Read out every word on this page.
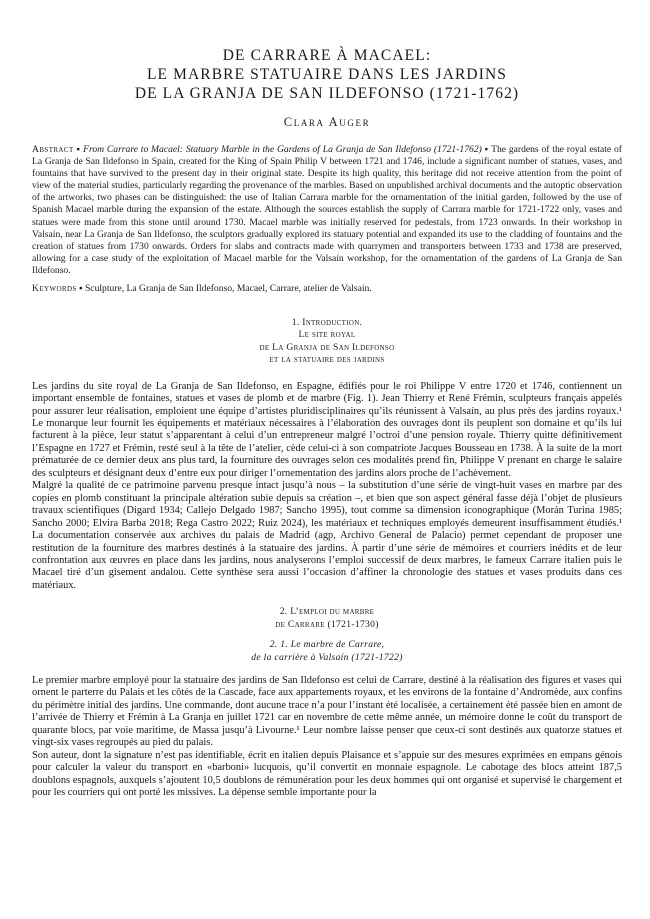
DE CARRARE À MACAEL:
LE MARBRE STATUAIRE DANS LES JARDINS
DE LA GRANJA DE SAN ILDEFONSO (1721-1762)
Clara Auger
Abstract ▪ From Carrare to Macael: Statuary Marble in the Gardens of La Granja de San Ildefonso (1721-1762) ▪ The gardens of the royal estate of La Granja de San Ildefonso in Spain, created for the King of Spain Philip V between 1721 and 1746, include a significant number of statues, vases, and fountains that have survived to the present day in their original state. Despite its high quality, this heritage did not receive attention from the point of view of the material studies, particularly regarding the provenance of the marbles. Based on unpublished archival documents and the autoptic observation of the artworks, two phases can be distinguished: the use of Italian Carrara marble for the ornamentation of the initial garden, followed by the use of Spanish Macael marble during the expansion of the estate. Although the sources establish the supply of Carrara marble for 1721-1722 only, vases and statues were made from this stone until around 1730. Macael marble was initially reserved for pedestals, from 1723 onwards. In their workshop in Valsaín, near La Granja de San Ildefonso, the sculptors gradually explored its statuary potential and expanded its use to the cladding of fountains and the creation of statues from 1730 onwards. Orders for slabs and contracts made with quarrymen and transporters between 1733 and 1738 are preserved, allowing for a case study of the exploitation of Macael marble for the Valsaín workshop, for the ornamentation of the gardens of La Granja de San Ildefonso.
Keywords ▪ Sculpture, La Granja de San Ildefonso, Macael, Carrare, atelier de Valsaín.
1. Introduction.
Le site royal
de La Granja de San Ildefonso
et la statuaire des jardins

Les jardins du site royal de La Granja de San Ildefonso, en Espagne, édifiés pour le roi Philippe V entre 1720 et 1746, contiennent un important ensemble de fontaines, statues et vases de plomb et de marbre (Fig. 1). Jean Thierry et René Frémin, sculpteurs français appelés pour assurer leur réalisation, emploient une équipe d’artistes pluridisciplinaires qu’ils réunissent à Valsaín, au plus près des jardins royaux.¹ Le monarque leur fournit les équipements et matériaux nécessaires à l’élaboration des ouvrages dont ils peuplent son domaine et qu’ils lui facturent à la pièce, leur statut s’apparentant à celui d’un entrepreneur malgré l’octroi d’une pension royale. Thierry quitte définitivement l’Espagne en 1727 et Frémin, resté seul à la tête de l’atelier, cède celui-ci à son compatriote Jacques Bousseau en 1738. À la suite de la mort prématurée de ce dernier deux ans plus tard, la fourniture des ouvrages selon ces modalités prend fin, Philippe V prenant en charge le salaire des sculpteurs et désignant deux d’entre eux pour diriger l’ornementation des jardins alors proche de l’achèvement.

Malgré la qualité de ce patrimoine parvenu presque intact jusqu’à nous – la substitution d’une série de vingt-huit vases en marbre par des copies en plomb constituant la principale altération subie depuis sa création –, et bien que son aspect général fasse déjà l’objet de plusieurs travaux scientifiques (Digard 1934; Callejo Delgado 1987; Sancho 1995), tout comme sa dimension iconographique (Morán Turina 1985; Sancho 2000; Elvira Barba 2018; Rega Castro 2022; Ruiz 2024), les matériaux et techniques employés demeurent insuffisamment étudiés.¹ La documentation conservée aux archives du palais de Madrid (agp, Archivo General de Palacio) permet cependant de proposer une restitution de la fourniture des marbres destinés à la statuaire des jardins. À partir d’une série de mémoires et courriers inédits et de leur confrontation aux œuvres en place dans les jardins, nous analyserons l’emploi successif de deux marbres, le fameux Carrare italien puis le Macael tiré d’un gisement andalou. Cette synthèse sera aussi l’occasion d’affiner la chronologie des statues et vases produits dans ces matériaux.

2. L’emploi du marbre
de Carrare (1721-1730)
2. 1. Le marbre de Carrare,
de la carrière à Valsaín (1721-1722)

Le premier marbre employé pour la statuaire des jardins de San Ildefonso est celui de Carrare, destiné à la réalisation des figures et vases qui ornent le parterre du Palais et les côtés de la Cascade, face aux appartements royaux, et les environs de la fontaine d’Andromède, aux confins du périmètre initial des jardins. Une commande, dont aucune trace n’a pour l’instant été localisée, a certainement été passée bien en amont de l’arrivée de Thierry et Frémin à La Granja en juillet 1721 car en novembre de cette même année, un mémoire donne le coût du transport de quarante blocs, par voie maritime, de Massa jusqu’à Livourne.¹ Leur nombre laisse penser que ceux-ci sont destinés aux quatorze statues et vingt-six vases regroupés au pied du palais.

Son auteur, dont la signature n’est pas identifiable, écrit en italien depuis Plaisance et s’appuie sur des mesures exprimées en empans génois pour calculer la valeur du transport en «barboni» lucquois, qu’il convertit en monnaie espagnole. Le cabotage des blocs atteint 187,5 doublons espagnols, auxquels s’ajoutent 10,5 doublons de rémunération pour les deux hommes qui ont organisé et supervisé le chargement et pour les courriers qui ont porté les missives. La dépense semble importante pour la
